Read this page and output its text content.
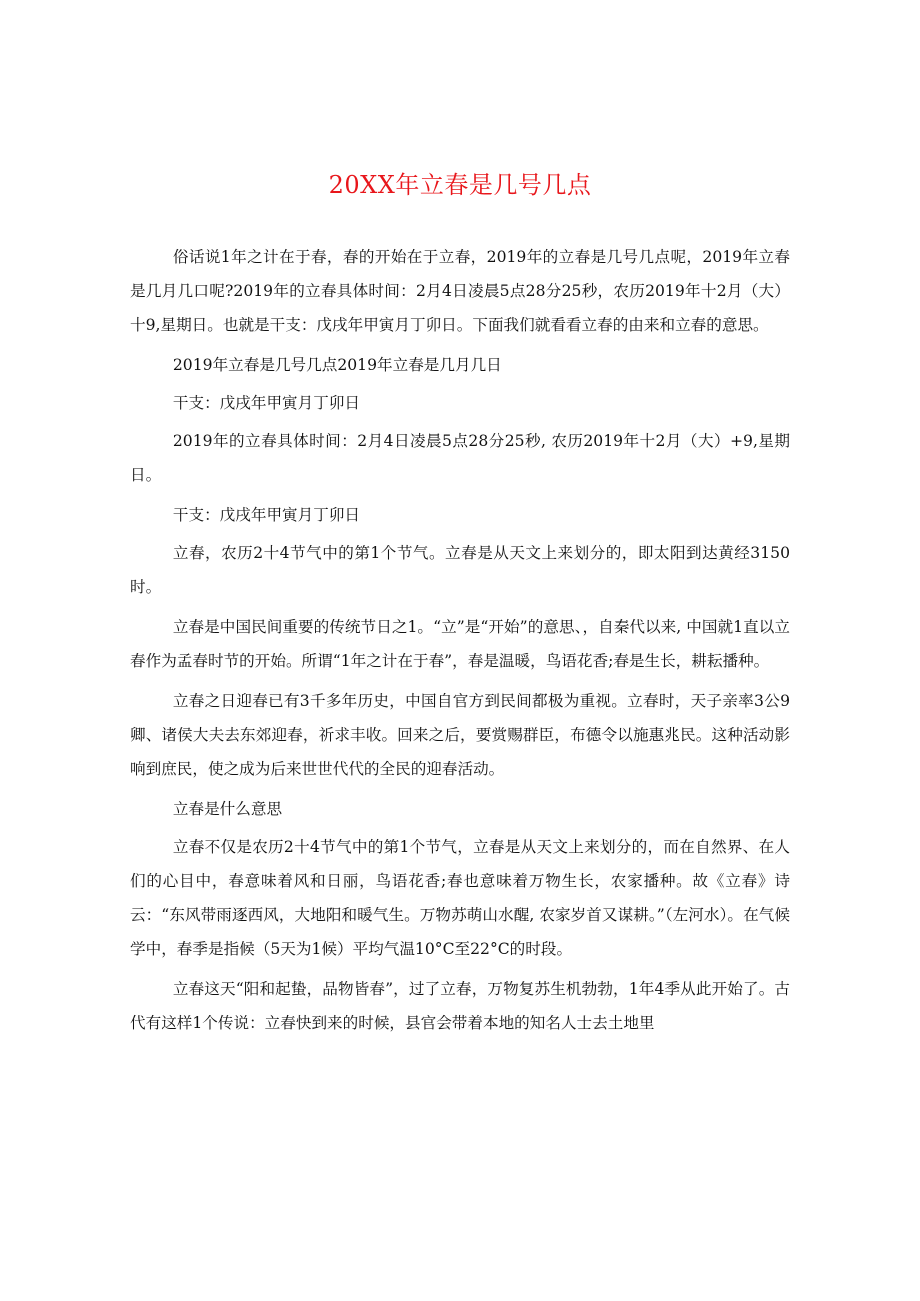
20XX年立春是几号几点

俗话说1年之计在于春，春的开始在于立春，2019年的立春是几号几点呢，2019年立春是几月几口呢?2019年的立春具体时间：2月4日凌晨5点28分25秒，农历2019年十2月（大）十9,星期日。也就是干支：戊戌年甲寅月丁卯日。下面我们就看看立春的由来和立春的意思。

2019年立春是几号几点2019年立春是几月几日

干支：戊戌年甲寅月丁卯日

2019年的立春具体时间：2月4日凌晨5点28分25秒, 农历2019年十2月（大）+9,星期日。

干支：戊戌年甲寅月丁卯日

立春，农历2十4节气中的第1个节气。立春是从天文上来划分的，即太阳到达黄经3150时。

立春是中国民间重要的传统节日之1。“立”是“开始”的意思、，自秦代以来, 中国就1直以立春作为孟春时节的开始。所谓“1年之计在于春”，春是温暖，鸟语花香;春是生长，耕耘播种。

立春之日迎春已有3千多年历史，中国自官方到民间都极为重视。立春时，天子亲率3公9卿、诸侯大夫去东郊迎春，祈求丰收。回来之后，要赏赐群臣，布德令以施惠兆民。这种活动影响到庶民，使之成为后来世世代代的全民的迎春活动。

立春是什么意思

立春不仅是农历2十4节气中的第1个节气，立春是从天文上来划分的，而在自然界、在人们的心目中，春意味着风和日丽，鸟语花香;春也意味着万物生长，农家播种。故《立春》诗云：“东风带雨逐西风，大地阳和暖气生。万物苏萌山水醒, 农家岁首又谋耕。”（左河水）。在气候学中，春季是指候（5天为1候）平均气温10°C至22°C的时段。

立春这天“阳和起蛰，品物皆春”，过了立春，万物复苏生机勃勃，1年4季从此开始了。古代有这样1个传说：立春快到来的时候，县官会带着本地的知名人士去土地里
